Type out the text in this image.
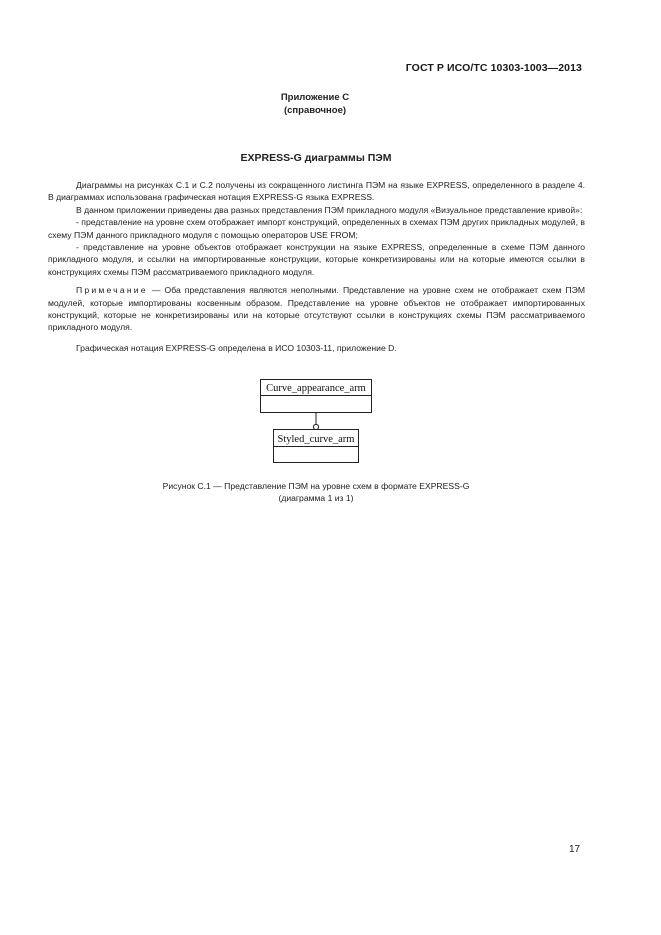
ГОСТ Р ИСО/ТС 10303-1003—2013
Приложение С
(справочное)
EXPRESS-G диаграммы ПЭМ

Диаграммы на рисунках С.1 и С.2 получены из сокращенного листинга ПЭМ на языке EXPRESS, определенного в разделе 4. В диаграммах использована графическая нотация EXPRESS-G языка EXPRESS.

В данном приложении приведены два разных представления ПЭМ прикладного модуля «Визуальное представление кривой»:

- представление на уровне схем отображает импорт конструкций, определенных в схемах ПЭМ других прикладных модулей, в схему ПЭМ данного прикладного модуля с помощью операторов USE FROM;

- представление на уровне объектов отображает конструкции на языке EXPRESS, определенные в схеме ПЭМ данного прикладного модуля, и ссылки на импортированные конструкции, которые конкретизированы или на которые имеются ссылки в конструкциях схемы ПЭМ рассматриваемого прикладного модуля.

Примечание — Оба представления являются неполными. Представление на уровне схем не отображает схем ПЭМ модулей, которые импортированы косвенным образом. Представление на уровне объектов не отображает импортированных конструкций, которые не конкретизированы или на которые отсутствуют ссылки в конструкциях схемы ПЭМ рассматриваемого прикладного модуля.

Графическая нотация EXPRESS-G определена в ИСО 10303-11, приложение D.

Curve_appearance_arm
Styled_curve_arm
Рисунок С.1 — Представление ПЭМ на уровне схем в формате EXPRESS-G
(диаграмма 1 из 1)
17
